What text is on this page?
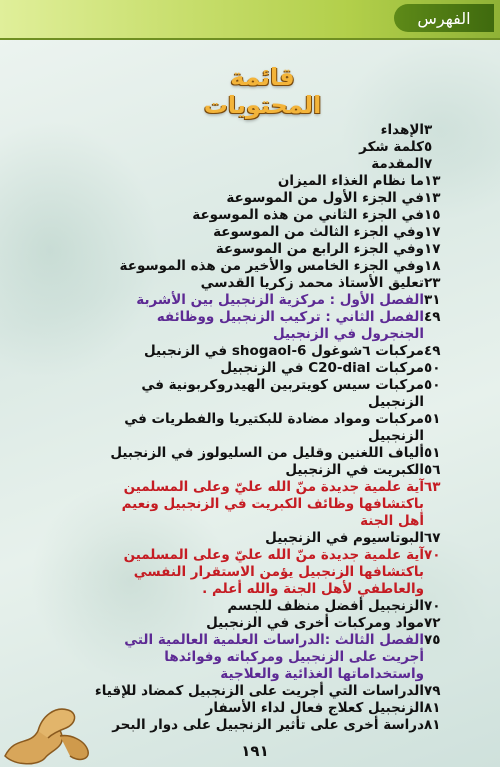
الفهرس
قائمة المحتويات
الإهداء ٣
كلمة شكر ٥
المقدمة ٧
ما نظام الغذاء الميزان ١٣
في الجزء الأول من الموسوعة ١٣
في الجزء الثاني من هذه الموسوعة ١٥
وفي الجزء الثالث من الموسوعة ١٧
وفي الجزء الرابع من الموسوعة ١٧
وفي الجزء الخامس والأخير من هذه الموسوعة ١٨
تعليق الأستاذ محمد زكريا القدسي ٢٣
الفصل الأول : مركزية الزنجبيل بين الأشربة ٣١
الفصل الثاني : تركيب الزنجبيل ووظائفه الجنجرول في الزنجبيل
٤٩
مركبات ٦شوغول 6-shogaol في الزنجبيل ٤٩
مركبات C20-dial في الزنجبيل ٥٠
مركبات سيس كويتربين الهيدروكربونية في الزنجبيل
٥٠
مركبات ومواد مضادة للبكتيريا والفطريات في الزنجبيل
٥١
ألياف اللغنين وقليل من السليولوز في الزنجبيل ٥١
الكبريت في الزنجبيل ٥٦
آية علمية جديدة منّ الله عليّ وعلى المسلمين باكتشافها وظائف الكبريت في الزنجبيل ونعيم أهل الجنة
٦٣
البوتاسيوم في الزنجبيل ٦٧
آية علمية جديدة منّ الله عليّ وعلى المسلمين باكتشافها الزنجبيل يؤمن الاستقرار النفسي والعاطفي لأهل الجنة والله أعلم .
٧٠
الزنجبيل أفضل منظف للجسم ٧٠
مواد ومركبات أخرى في الزنجبيل ٧٢
الفصل الثالث :الدراسات العلمية العالمية التي أجريت على الزنجبيل ومركباته وفوائدها واستخداماتها الغذائية والعلاجية
٧٥
الدراسات التي أجريت على الزنجبيل كمضاد للإقياء ٧٩
الزنجبيل كعلاج فعال لداء الأسفار ٨١
دراسة أخرى على تأثير الزنجبيل على دوار البحر ٨١
١٩١
